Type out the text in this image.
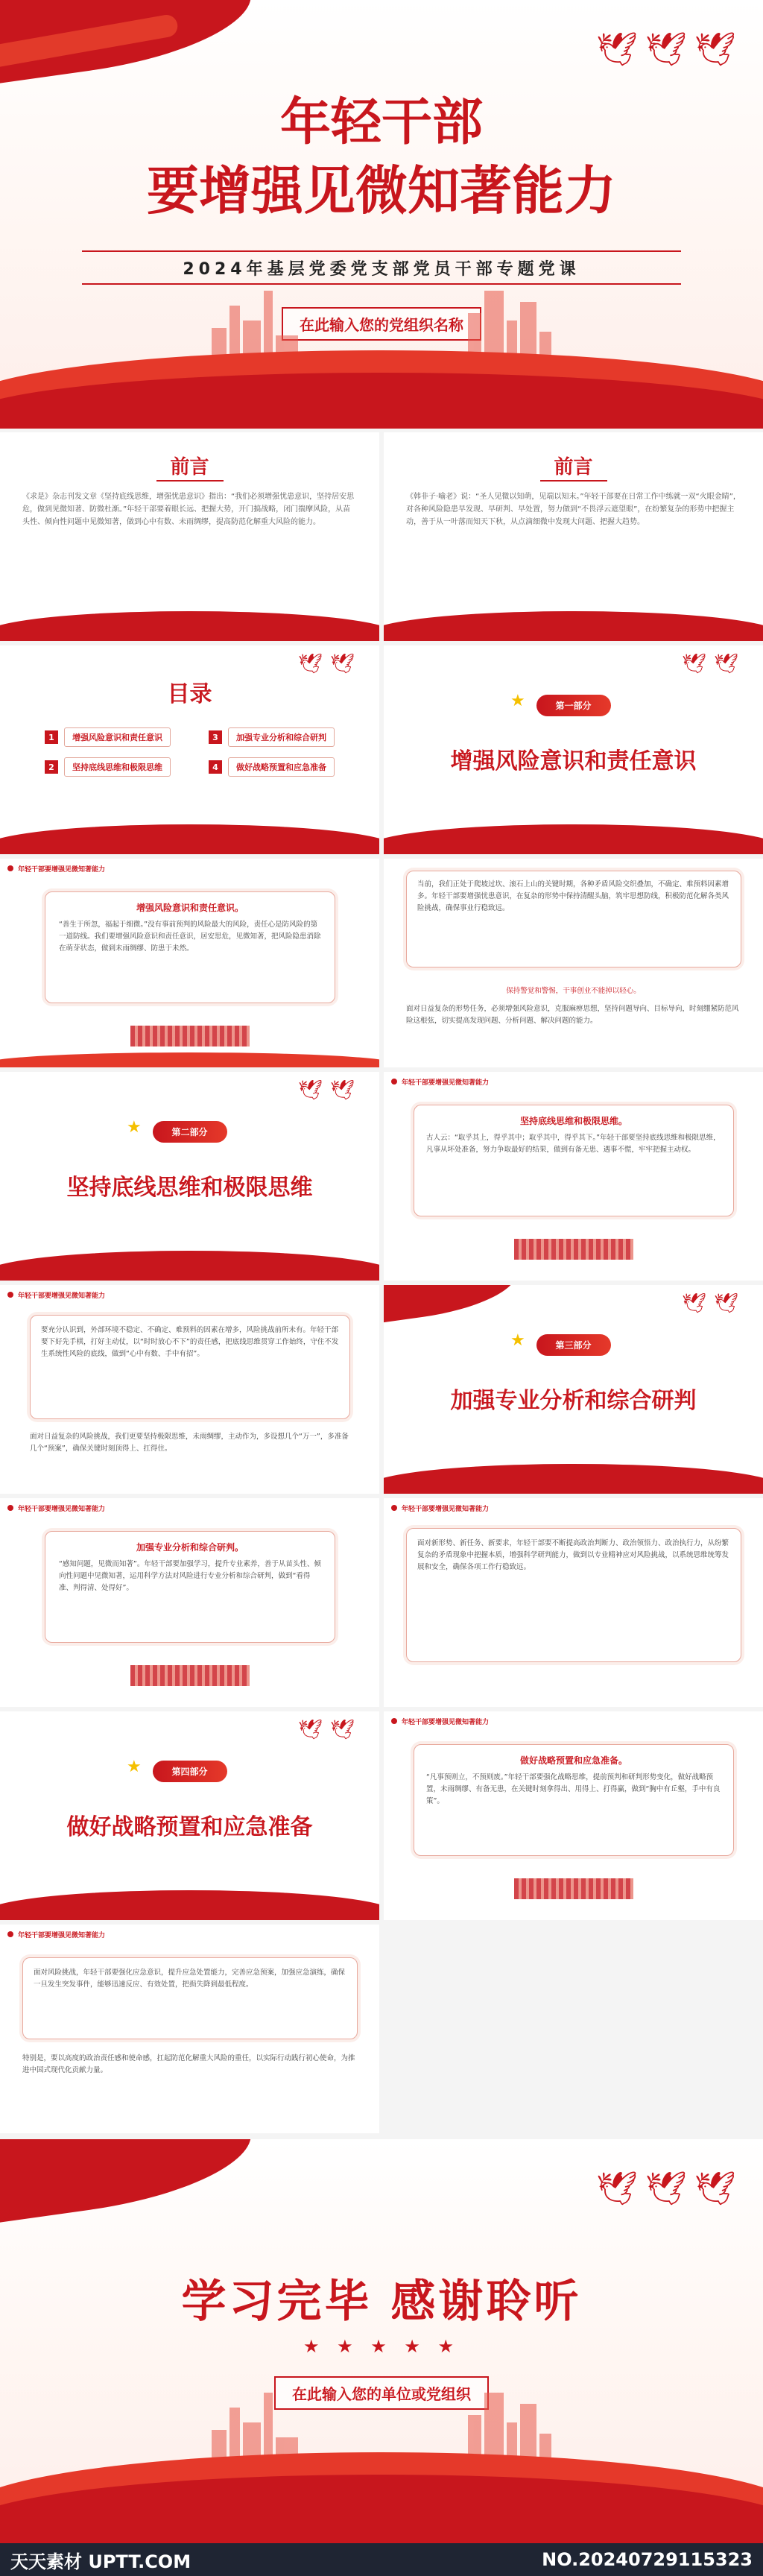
🕊🕊🕊
年轻干部
要增强见微知著能力
2024年基层党委党支部党员干部专题党课
在此输入您的党组织名称
前言
《求是》杂志刊发文章《坚持底线思维，增强忧患意识》指出：“我们必须增强忧患意识，坚持居安思危，做到见微知著、防微杜渐。”年轻干部要着眼长远、把握大势，开门搞战略，闭门揣摩风险，从苗头性、倾向性问题中见微知著，做到心中有数、未雨绸缪，提高防范化解重大风险的能力。
前言
《韩非子·喻老》说：“圣人见微以知萌，见端以知末。”年轻干部要在日常工作中练就一双“火眼金睛”，对各种风险隐患早发现、早研判、早处置，努力做到“不畏浮云遮望眼”，在纷繁复杂的形势中把握主动，善于从一叶落而知天下秋，从点滴细微中发现大问题、把握大趋势。
🕊🕊
目录
1	增强风险意识和责任意识	3	加强专业分析和综合研判
2	坚持底线思维和极限思维	4	做好战略预置和应急准备
🕊🕊
★	第一部分
增强风险意识和责任意识
年轻干部要增强见微知著能力
增强风险意识和责任意识。
“善生于所忽，福起于细微。”没有事前预判的风险最大的风险，责任心是防风险的第一道防线。我们要增强风险意识和责任意识，居安思危，见微知著，把风险隐患消除在萌芽状态，做到未雨绸缪、防患于未然。
当前，我们正处于爬坡过坎、滚石上山的关键时期，各种矛盾风险交织叠加，不确定、难预料因素增多。年轻干部要增强忧患意识，在复杂的形势中保持清醒头脑，筑牢思想防线，积极防范化解各类风险挑战，确保事业行稳致远。
保持警觉和警惕，干事创业不能掉以轻心。
面对日益复杂的形势任务，必须增强风险意识，克服麻痹思想，坚持问题导向、目标导向，时刻绷紧防范风险这根弦，切实提高发现问题、分析问题、解决问题的能力。
🕊🕊
★	第二部分
坚持底线思维和极限思维
年轻干部要增强见微知著能力
坚持底线思维和极限思维。
古人云：“取乎其上，得乎其中；取乎其中，得乎其下。”年轻干部要坚持底线思维和极限思维，凡事从坏处准备，努力争取最好的结果，做到有备无患、遇事不慌，牢牢把握主动权。
年轻干部要增强见微知著能力
要充分认识到，外部环境不稳定、不确定、难预料的因素在增多，风险挑战前所未有。年轻干部要下好先手棋，打好主动仗，以“时时放心不下”的责任感，把底线思维贯穿工作始终，守住不发生系统性风险的底线，做到“心中有数、手中有招”。
面对日益复杂的风险挑战，我们更要坚持极限思维，未雨绸缪，主动作为，多设想几个“万一”，多准备几个“预案”，确保关键时刻顶得上、扛得住。
🕊🕊
★	第三部分
加强专业分析和综合研判
年轻干部要增强见微知著能力
加强专业分析和综合研判。
“感知问题，见微而知著”。年轻干部要加强学习，提升专业素养，善于从苗头性、倾向性问题中见微知著，运用科学方法对风险进行专业分析和综合研判，做到“看得准、判得清、处得好”。
年轻干部要增强见微知著能力
面对新形势、新任务、新要求，年轻干部要不断提高政治判断力、政治领悟力、政治执行力，从纷繁复杂的矛盾现象中把握本质，增强科学研判能力，做到以专业精神应对风险挑战，以系统思维统筹发展和安全，确保各项工作行稳致远。
🕊🕊
★	第四部分
做好战略预置和应急准备
年轻干部要增强见微知著能力
做好战略预置和应急准备。
“凡事预则立，不预则废。”年轻干部要强化战略思维，提前预判和研判形势变化，做好战略预置，未雨绸缪、有备无患，在关键时刻拿得出、用得上、打得赢，做到“胸中有丘壑，手中有良策”。
年轻干部要增强见微知著能力
面对风险挑战，年轻干部要强化应急意识，提升应急处置能力，完善应急预案，加强应急演练，确保一旦发生突发事件，能够迅速反应、有效处置，把损失降到最低程度。
特别是，要以高度的政治责任感和使命感，扛起防范化解重大风险的重任，以实际行动践行初心使命，为推进中国式现代化贡献力量。
🕊🕊🕊
学习完毕 感谢聆听
★ ★ ★ ★ ★
在此输入您的单位或党组织
天天素材 UPTT.COM	NO.20240729115323
